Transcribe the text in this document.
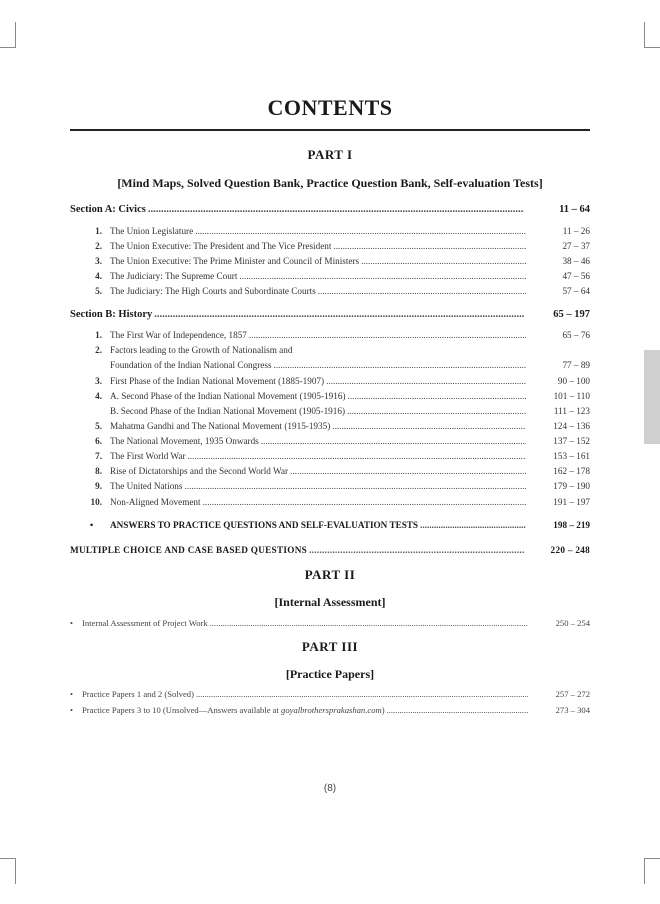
CONTENTS
PART I
[Mind Maps, Solved Question Bank, Practice Question Bank, Self-evaluation Tests]
Section A: Civics .....	11 – 64
1. The Union Legislature .....	11 – 26
2. The Union Executive: The President and The Vice President .....	27 – 37
3. The Union Executive: The Prime Minister and Council of Ministers .....	38 – 46
4. The Judiciary: The Supreme Court .....	47 – 56
5. The Judiciary: The High Courts and Subordinate Courts .....	57 – 64
Section B: History .....	65 – 197
1. The First War of Independence, 1857 .....	65 – 76
2. Factors leading to the Growth of Nationalism and
Foundation of the Indian National Congress .....	77 – 89
3. First Phase of the Indian National Movement (1885-1907) .....	90 – 100
4. A. Second Phase of the Indian National Movement (1905-1916) .....	101 – 110
B. Second Phase of the Indian National Movement (1905-1916) .....	111 – 123
5. Mahatma Gandhi and The National Movement (1915-1935) .....	124 – 136
6. The National Movement, 1935 Onwards .....	137 – 152
7. The First World War .....	153 – 161
8. Rise of Dictatorships and the Second World War .....	162 – 178
9. The United Nations .....	179 – 190
10. Non-Aligned Movement .....	191 – 197
•	ANSWERS TO PRACTICE QUESTIONS AND SELF-EVALUATION TESTS .....	198 – 219
MULTIPLE CHOICE AND CASE BASED QUESTIONS .....	220 – 248
PART II
[Internal Assessment]
•	Internal Assessment of Project Work .....	250 – 254
PART III
[Practice Papers]
•	Practice Papers 1 and 2 (Solved) .....	257 – 272
•	Practice Papers 3 to 10 (Unsolved—Answers available at goyalbrothersprakashan.com) .....	273 – 304
(8)
